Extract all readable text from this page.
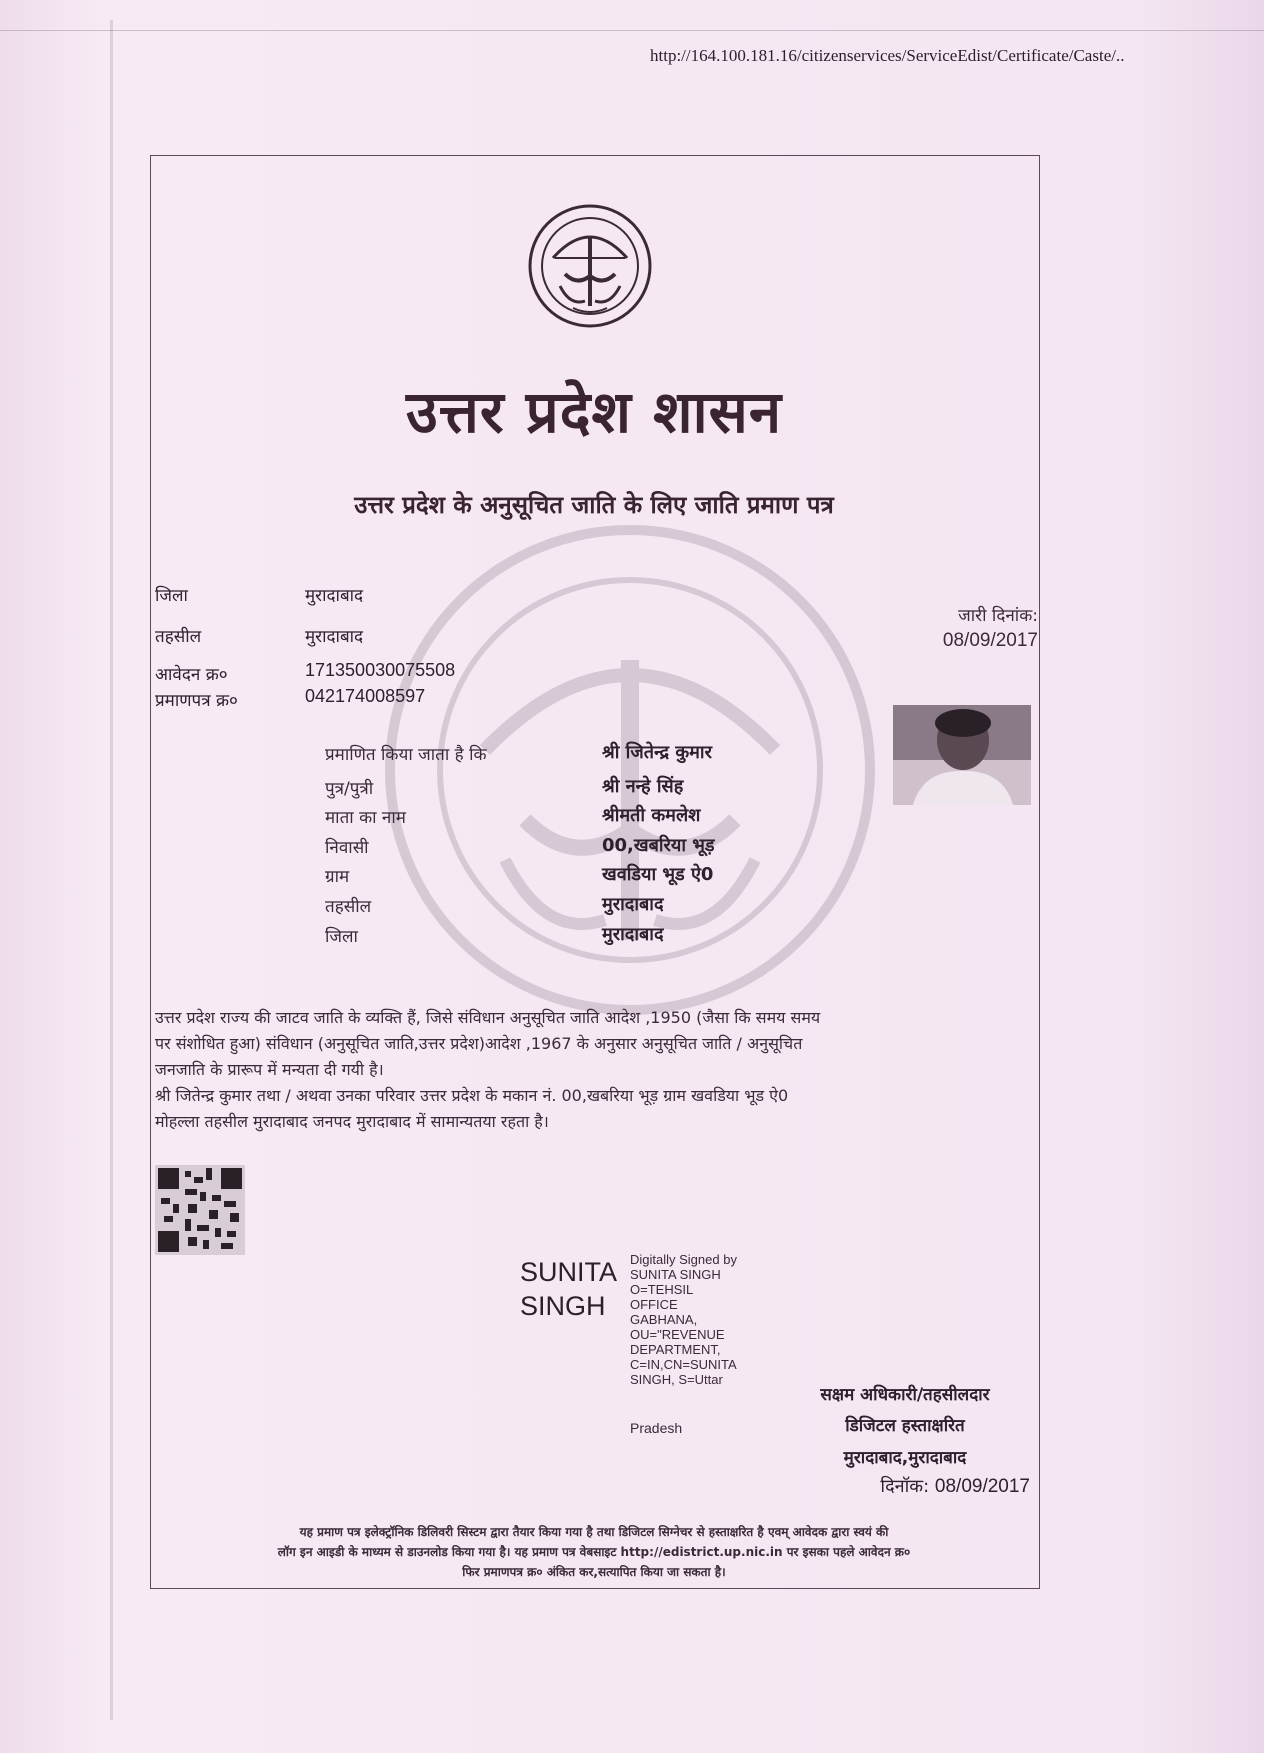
http://164.100.181.16/citizenservices/ServiceEdist/Certificate/Caste/..
उत्तर प्रदेश शासन
उत्तर प्रदेश के अनुसूचित जाति के लिए जाति प्रमाण पत्र
जिला	मुरादाबाद
तहसील	मुरादाबाद
आवेदन क्र०	171350030075508
प्रमाणपत्र क्र०	042174008597
जारी दिनांक:
08/09/2017
प्रमाणित किया जाता है कि	श्री जितेन्द्र कुमार
पुत्र/पुत्री	श्री नन्हे सिंह
माता का नाम	श्रीमती कमलेश
निवासी	00,खबरिया भूड़
ग्राम	खवडिया भूड ऐ0
तहसील	मुरादाबाद
जिला	मुरादाबाद
उत्तर प्रदेश राज्य की जाटव जाति के व्यक्ति हैं, जिसे संविधान अनुसूचित जाति आदेश ,1950 (जैसा कि समय समय
पर संशोधित हुआ) संविधान (अनुसूचित जाति,उत्तर प्रदेश)आदेश ,1967 के अनुसार अनुसूचित जाति / अनुसूचित
जनजाति के प्रारूप में मन्यता दी गयी है।
श्री जितेन्द्र कुमार तथा / अथवा उनका परिवार उत्तर प्रदेश के मकान नं. 00,खबरिया भूड़ ग्राम खवडिया भूड ऐ0
मोहल्ला तहसील मुरादाबाद जनपद मुरादाबाद में सामान्यतया रहता है।
SUNITA
SINGH
Digitally Signed by
SUNITA SINGH
O=TEHSIL
OFFICE
GABHANA,
OU="REVENUE
DEPARTMENT,
C=IN,CN=SUNITA
SINGH, S=Uttar
Pradesh
सक्षम अधिकारी/तहसीलदार
डिजिटल हस्ताक्षरित
मुरादाबाद,मुरादाबाद
दिनॉक: 08/09/2017
यह प्रमाण पत्र इलेक्ट्रॉनिक डिलिवरी सिस्टम द्वारा तैयार किया गया है तथा डिजिटल सिग्नेचर से हस्ताक्षरित है एवम् आवेदक द्वारा स्वयं की
लॉग इन आइडी के माध्यम से डाउनलोड किया गया है। यह प्रमाण पत्र वेबसाइट http://edistrict.up.nic.in पर इसका पहले आवेदन क्र०
फिर प्रमाणपत्र क्र० अंकित कर,सत्यापित किया जा सकता है।
